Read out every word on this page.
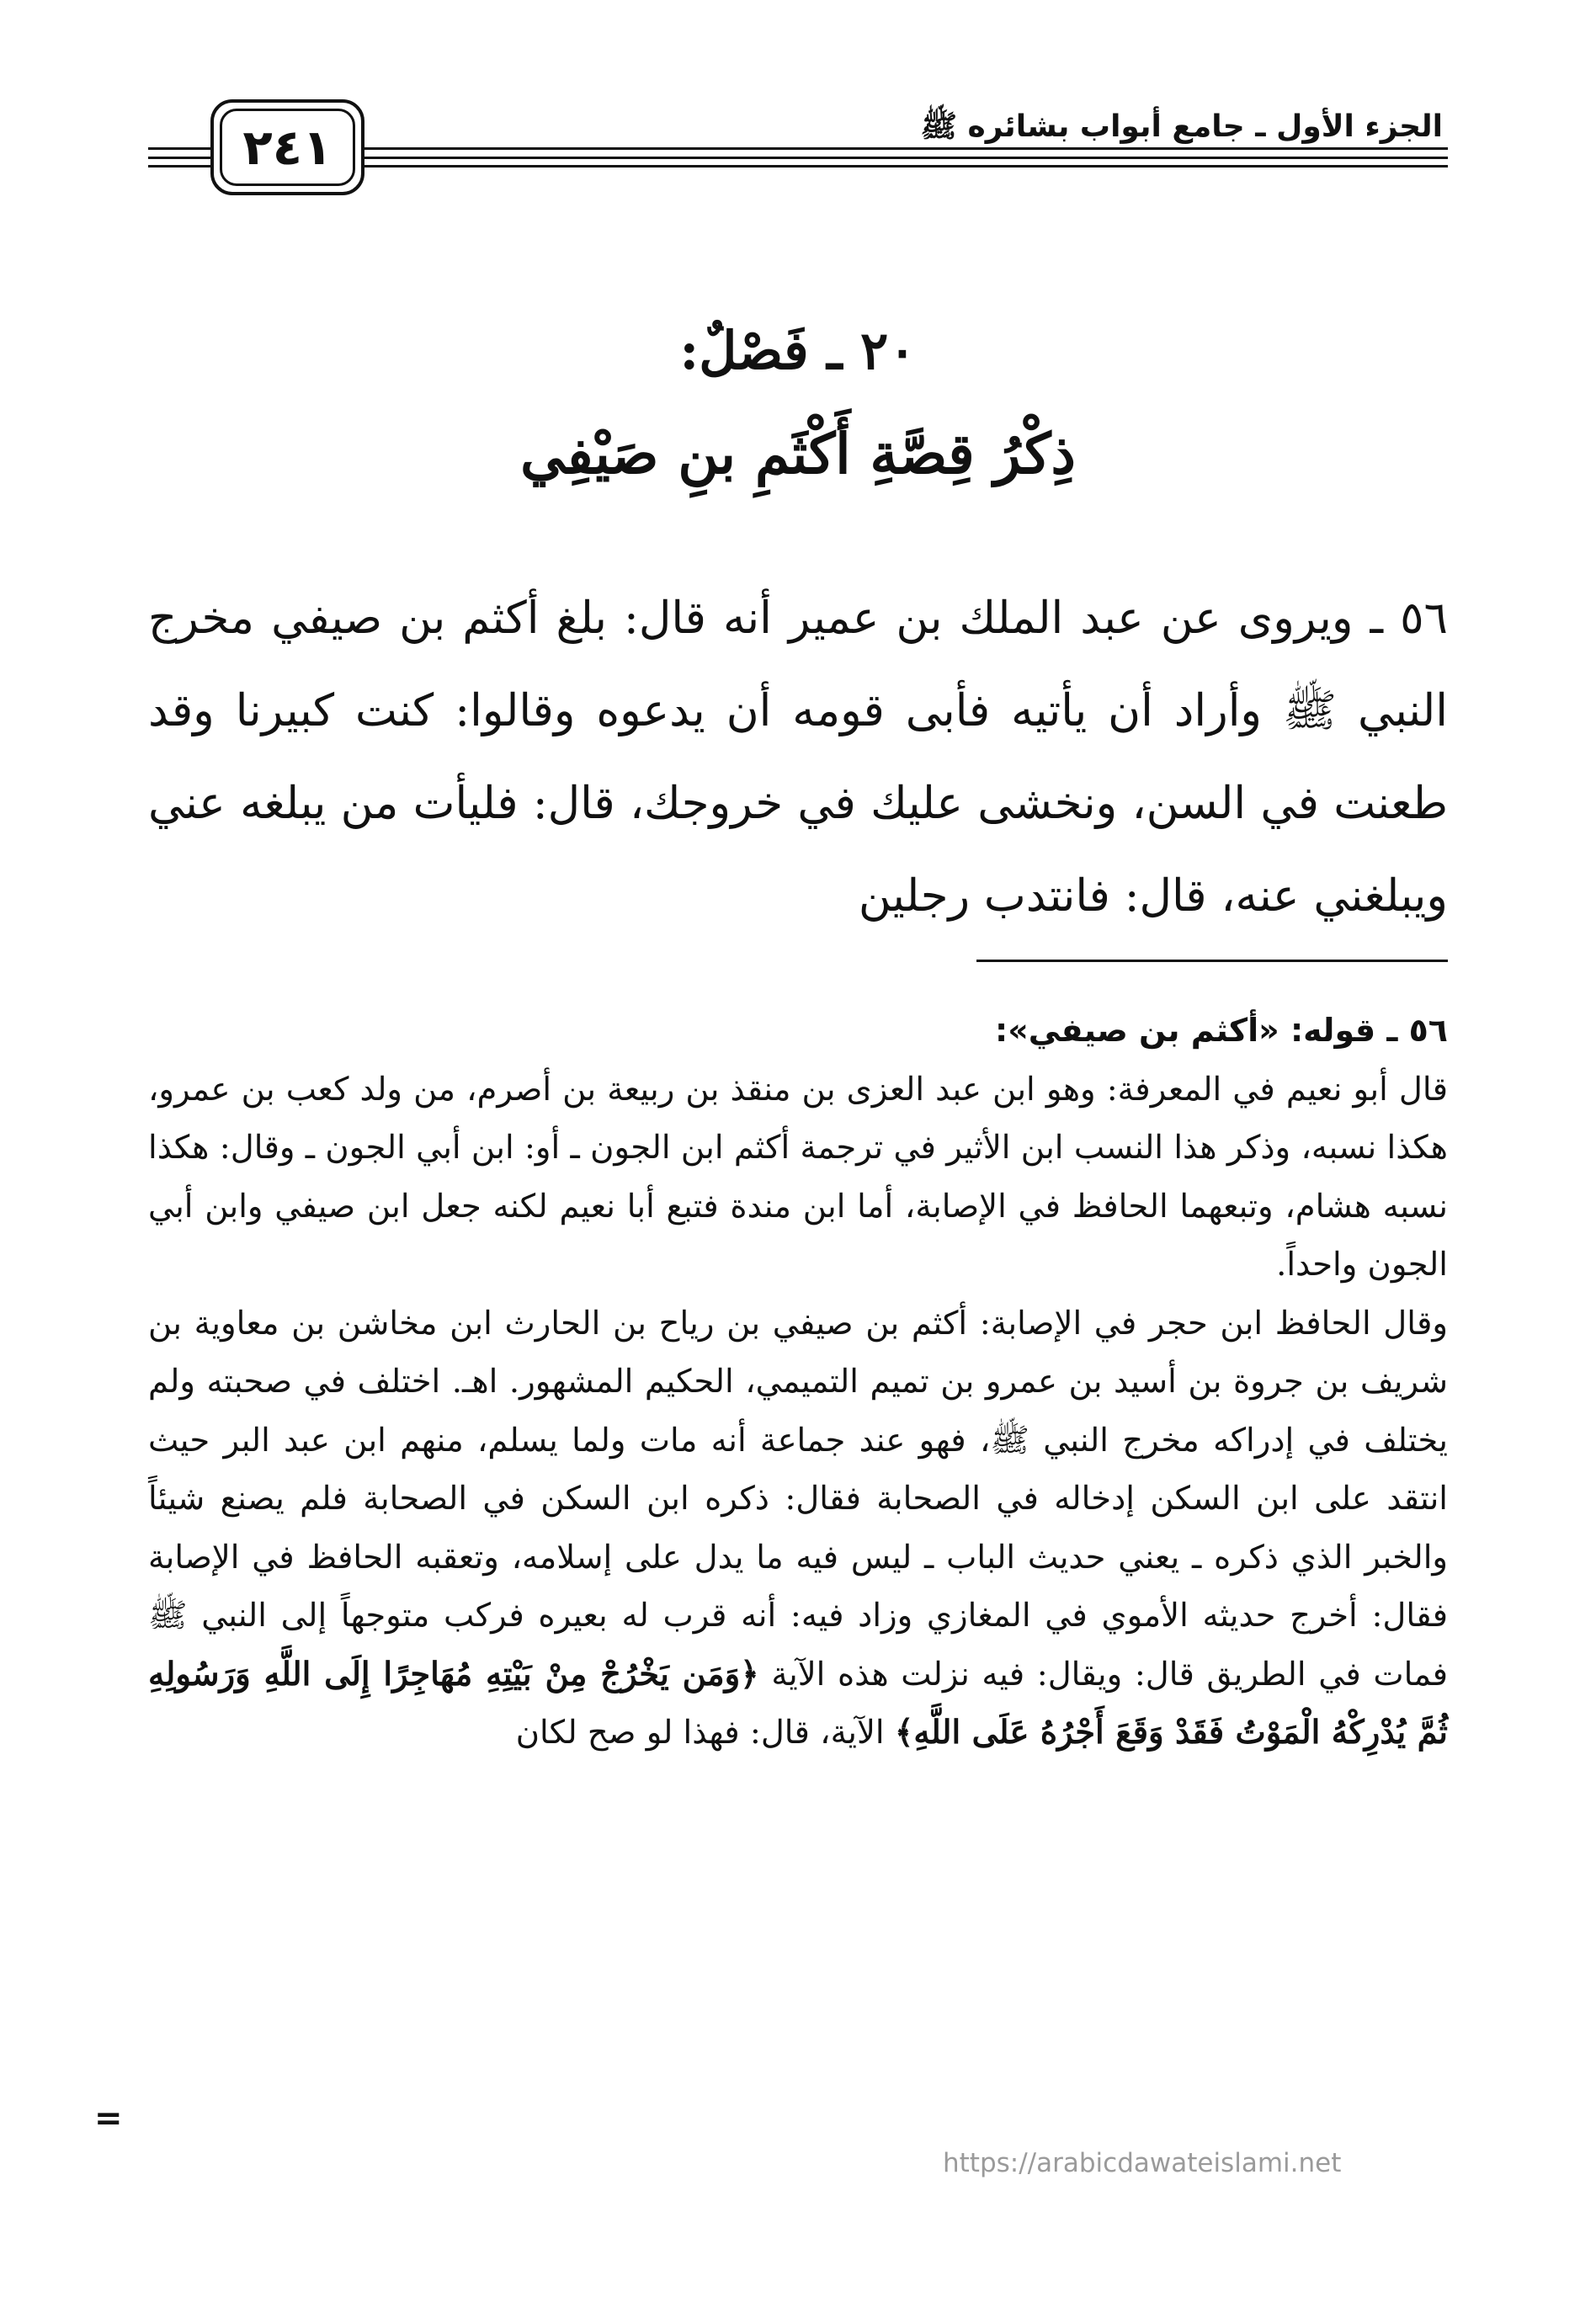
الجزء الأول ـ جامع أبواب بشائره ﷺ
٢٤١
٢٠ ـ فَصْلٌ:
ذِكْرُ قِصَّةِ أَكْثَمِ بنِ صَيْفِي
٥٦ ـ ويروى عن عبد الملك بن عمير أنه قال: بلغ أكثم بن صيفي مخرج النبي ﷺ وأراد أن يأتيه فأبى قومه أن يدعوه وقالوا: كنت كبيرنا وقد طعنت في السن، ونخشى عليك في خروجك، قال: فليأت من يبلغه عني ويبلغني عنه، قال: فانتدب رجلين

٥٦ ـ قوله: «أكثم بن صيفي»:

قال أبو نعيم في المعرفة: وهو ابن عبد العزى بن منقذ بن ربيعة بن أصرم، من ولد كعب بن عمرو، هكذا نسبه، وذكر هذا النسب ابن الأثير في ترجمة أكثم ابن الجون ـ أو: ابن أبي الجون ـ وقال: هكذا نسبه هشام، وتبعهما الحافظ في الإصابة، أما ابن مندة فتبع أبا نعيم لكنه جعل ابن صيفي وابن أبي الجون واحداً.

وقال الحافظ ابن حجر في الإصابة: أكثم بن صيفي بن رياح بن الحارث ابن مخاشن بن معاوية بن شريف بن جروة بن أسيد بن عمرو بن تميم التميمي، الحكيم المشهور. اهـ. اختلف في صحبته ولم يختلف في إدراكه مخرج النبي ﷺ، فهو عند جماعة أنه مات ولما يسلم، منهم ابن عبد البر حيث انتقد على ابن السكن إدخاله في الصحابة فقال: ذكره ابن السكن في الصحابة فلم يصنع شيئاً والخبر الذي ذكره ـ يعني حديث الباب ـ ليس فيه ما يدل على إسلامه، وتعقبه الحافظ في الإصابة فقال: أخرج حديثه الأموي في المغازي وزاد فيه: أنه قرب له بعيره فركب متوجهاً إلى النبي ﷺ فمات في الطريق قال: ويقال: فيه نزلت هذه الآية ﴿وَمَن يَخْرُجْ مِنْ بَيْتِهِ مُهَاجِرًا إِلَى اللَّهِ وَرَسُولِهِ ثُمَّ يُدْرِكْهُ الْمَوْتُ فَقَدْ وَقَعَ أَجْرُهُ عَلَى اللَّهِ﴾ الآية، قال: فهذا لو صح لكان

=
https://arabicdawateislami.net
